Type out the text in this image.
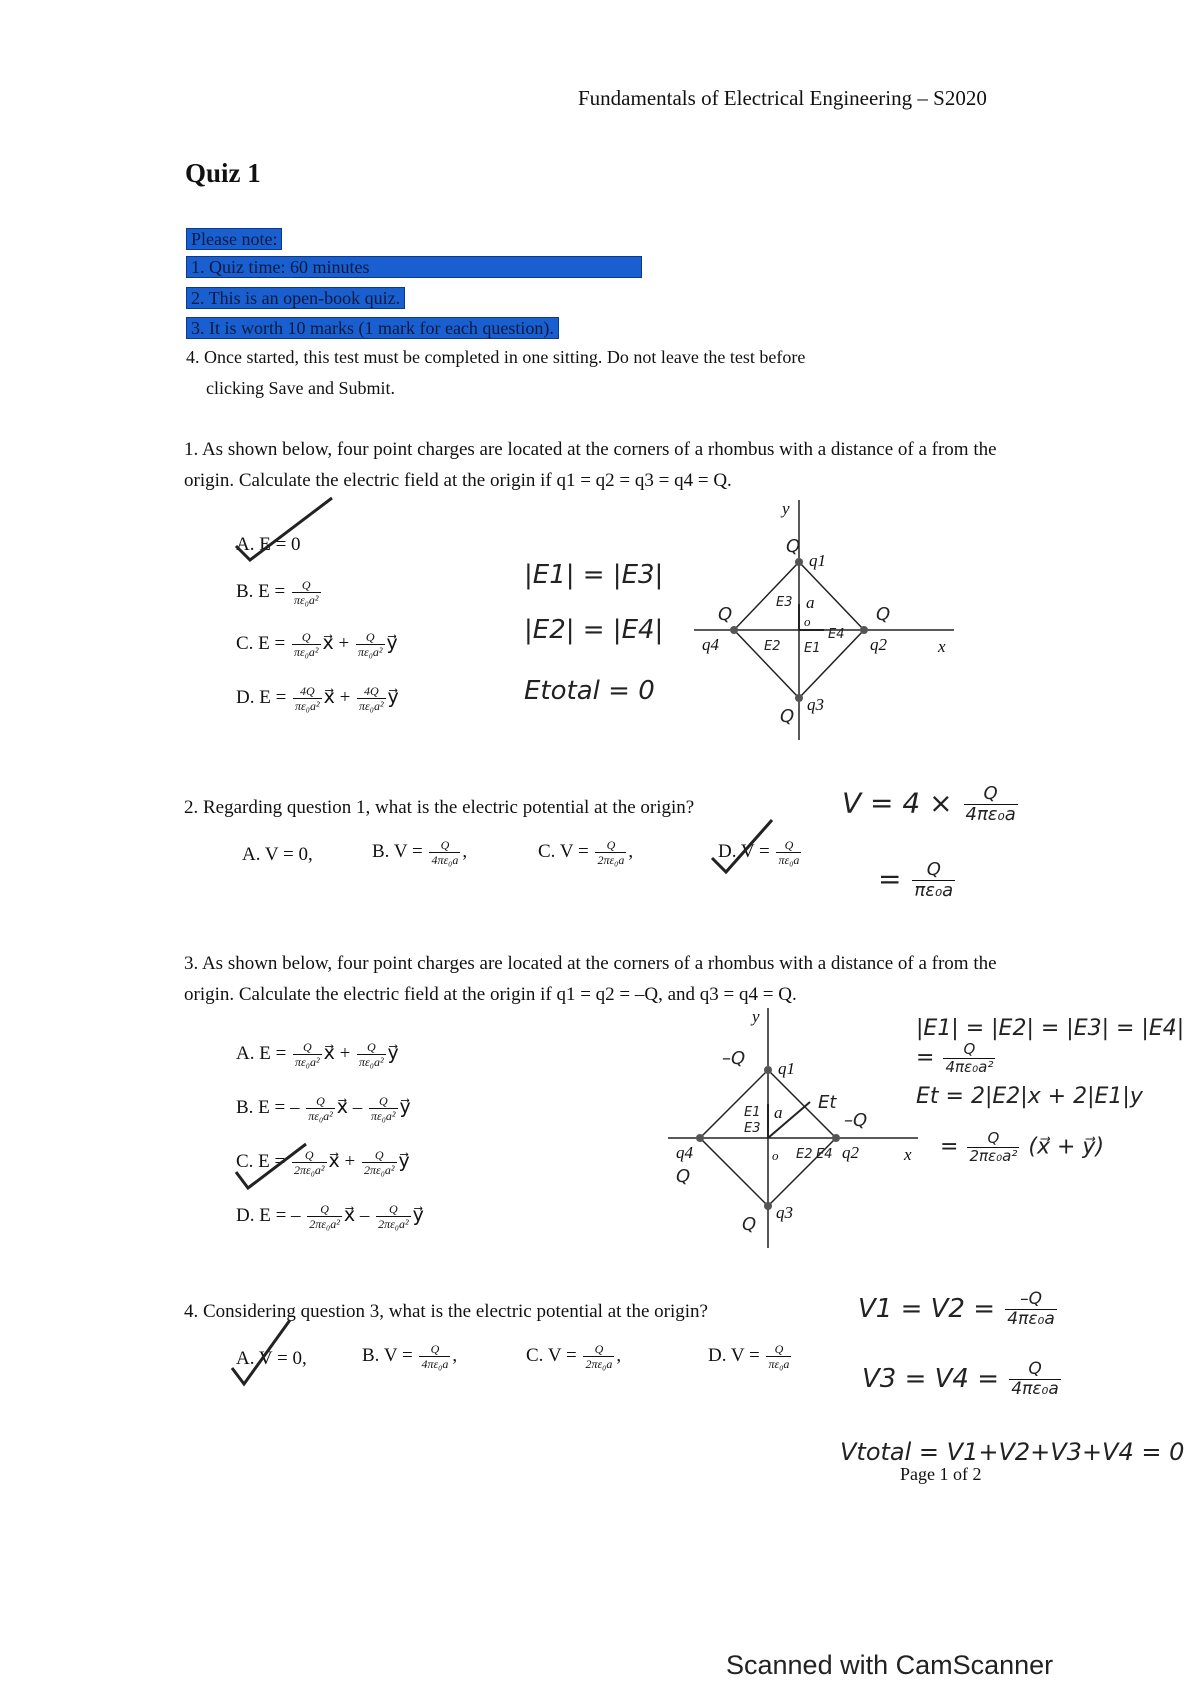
Fundamentals of Electrical Engineering – S2020
Quiz 1
Please note:
1. Quiz time: 60 minutes
2. This is an open-book quiz.
3. It is worth 10 marks (1 mark for each question).
4. Once started, this test must be completed in one sitting. Do not leave the test before
clicking Save and Submit.
1. As shown below, four point charges are located at the corners of a rhombus with a distance of a from the origin. Calculate the electric field at the origin if q1 = q2 = q3 = q4 = Q.
A. E = 0
B. $E = \frac{Q}{\text{πε₀a²}}$
C. $E = \frac{Q}{\text{πε₀a²}}$ x⃗ + $\frac{Q}{\text{πε₀a²}}$ y⃗
D. $E = \frac{4Q}{\text{πε₀a²}}$ x⃗ + $\frac{4Q}{\text{πε₀a²}}$ y⃗
|E1| = |E3|
|E2| = |E4|
Etotal = 0
y
x
q1
q2
q3
q4
o
a
Q
Q
Q
Q
E3
E2
E4
E1
2. Regarding question 1, what is the electric potential at the origin?
A. V = 0,	B. $V = \frac{Q}{\text{4πε₀a}}$ ,	C. $V = \frac{Q}{\text{2πε₀a}}$ ,	D. $V = \frac{Q}{\text{πε₀a}}$
$V = 4 \times \frac{Q}{\text{4πε₀a}}$
= $\frac{Q}{\text{πε₀a}}$
3. As shown below, four point charges are located at the corners of a rhombus with a distance of a from the origin. Calculate the electric field at the origin if q1 = q2 = –Q, and q3 = q4 = Q.
A. $E = \frac{Q}{\text{πε₀a²}}$ x⃗ + $\frac{Q}{\text{πε₀a²}}$ y⃗
B. E = – $\frac{Q}{\text{πε₀a²}}$ x⃗ – $\frac{Q}{\text{πε₀a²}}$ y⃗
C. $E = \frac{Q}{\text{2πε₀a²}}$ x⃗ + $\frac{Q}{\text{2πε₀a²}}$ y⃗
D. E = – $\frac{Q}{\text{2πε₀a²}}$ x⃗ – $\frac{Q}{\text{2πε₀a²}}$ y⃗
y
x
q1
q2
q3
q4	o
a
–Q
–Q
Q
Q
Et
E1
E3
E2 E4
$|E1| = |E2| = |E3| = |E4| = \frac{Q}{\text{4πε₀a²}}$
Et = 2|E2|x + 2|E1|y
= $\frac{Q}{\text{2πε₀a²}}$ (x⃗ + y⃗)
4. Considering question 3, what is the electric potential at the origin?
A. V = 0,	B. $V = \frac{Q}{\text{4πε₀a}}$ ,	C. $V = \frac{Q}{\text{2πε₀a}}$ ,	D. $V = \frac{Q}{\text{πε₀a}}$
$V1 = V2 = \frac{-Q}{\text{4πε₀a}}$
$V3 = V4 = \frac{Q}{\text{4πε₀a}}$
Vtotal = V1+V2+V3+V4 = 0
Page 1 of 2
Scanned with CamScanner
